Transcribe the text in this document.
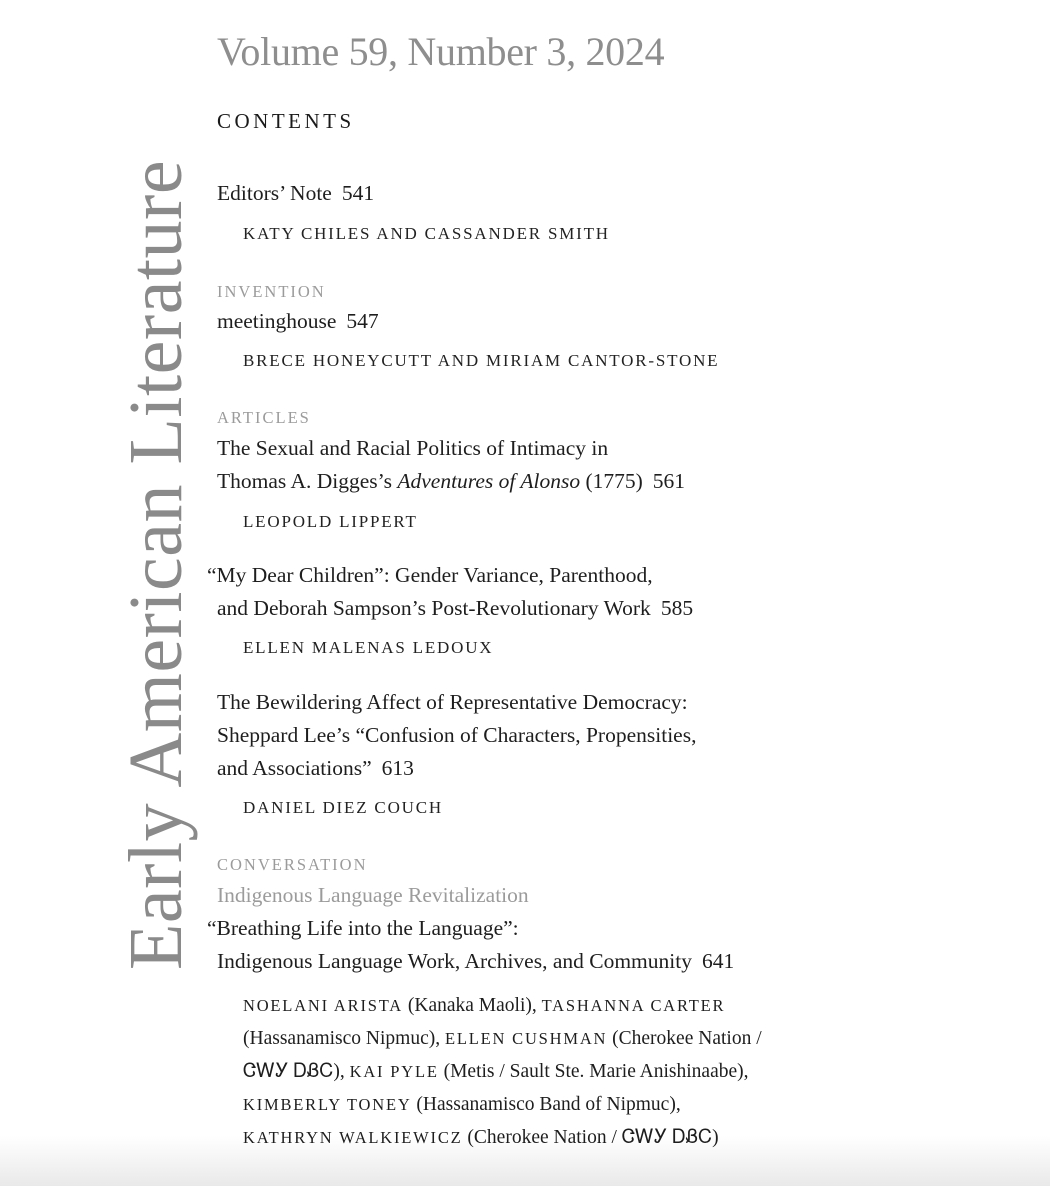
Early American Literature
Volume 59, Number 3, 2024
CONTENTS
Editors’ Note 541
KATY CHILES AND CASSANDER SMITH
INVENTION
meetinghouse 547
BRECE HONEYCUTT AND MIRIAM CANTOR-STONE
ARTICLES
The Sexual and Racial Politics of Intimacy in
Thomas A. Digges’s Adventures of Alonso (1775) 561
LEOPOLD LIPPERT
“My Dear Children”: Gender Variance, Parenthood,
and Deborah Sampson’s Post-Revolutionary Work 585
ELLEN MALENAS LEDOUX
The Bewildering Affect of Representative Democracy:
Sheppard Lee’s “Confusion of Characters, Propensities,
and Associations” 613
DANIEL DIEZ COUCH
CONVERSATION
Indigenous Language Revitalization
“Breathing Life into the Language”:
Indigenous Language Work, Archives, and Community 641
NOELANI ARISTA (Kanaka Maoli), TASHANNA CARTER
(Hassanamisco Nipmuc), ELLEN CUSHMAN (Cherokee Nation /
ᏣᎳᎩ ᎠᏰᏟ), KAI PYLE (Metis / Sault Ste. Marie Anishinaabe),
KIMBERLY TONEY (Hassanamisco Band of Nipmuc),
KATHRYN WALKIEWICZ (Cherokee Nation / ᏣᎳᎩ ᎠᏰᏟ)
